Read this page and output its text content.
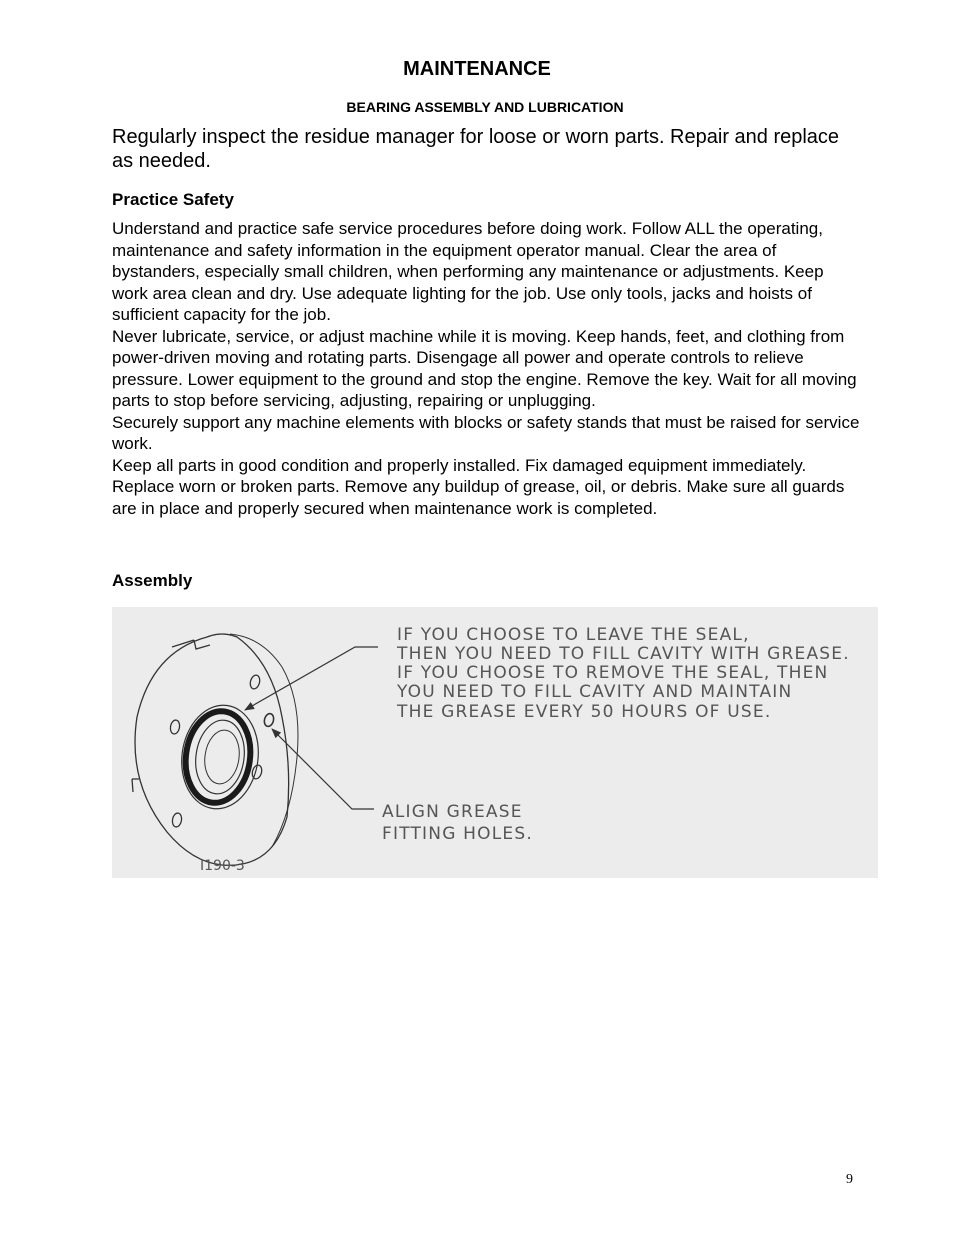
MAINTENANCE
BEARING ASSEMBLY AND LUBRICATION
Regularly inspect the residue manager for loose or worn parts. Repair and replace as needed.
Practice Safety

Understand and practice safe service procedures before doing work. Follow ALL the operating, maintenance and safety information in the equipment operator manual. Clear the area of bystanders, especially small children, when performing any maintenance or adjustments. Keep work area clean and dry. Use adequate lighting for the job. Use only tools, jacks and hoists of sufficient capacity for the job.

Never lubricate, service, or adjust machine while it is moving. Keep hands, feet, and clothing from power-driven moving and rotating parts. Disengage all power and operate controls to relieve pressure. Lower equipment to the ground and stop the engine. Remove the key. Wait for all moving parts to stop before servicing, adjusting, repairing or unplugging.

Securely support any machine elements with blocks or safety stands that must be raised for service work.

Keep all parts in good condition and properly installed. Fix damaged equipment immediately. Replace worn or broken parts. Remove any buildup of grease, oil, or debris. Make sure all guards are in place and properly secured when maintenance work is completed.

Assembly
IF YOU CHOOSE TO LEAVE THE SEAL,
THEN YOU NEED TO FILL CAVITY WITH GREASE.
IF YOU CHOOSE TO REMOVE THE SEAL, THEN
YOU NEED TO FILL CAVITY AND MAINTAIN
THE GREASE EVERY 50 HOURS OF USE.
ALIGN GREASE
FITTING HOLES.
I190-3
9
